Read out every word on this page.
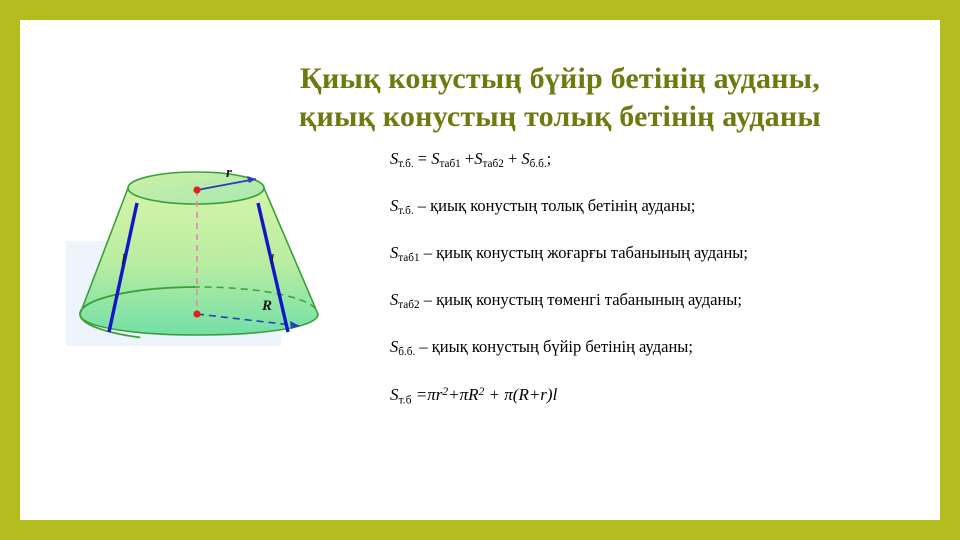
Қиық конустың бүйір бетінің ауданы,
қиық конустың толық бетінің ауданы
r
R
l	l
$S_{т.б.} = S_{таб1} +S_{таб2} + S_{б.б.}$;
$S_{т.б.}$ – қиық конустың толық бетінің ауданы;
$S_{таб1}$ – қиық конустың жоғарғы табанының ауданы;
$S_{таб2}$ – қиық конустың төменгі табанының ауданы;
$S_{б.б.}$ – қиық конустың бүйір бетінің ауданы;
$S_{т.б} =\pi r^2+\pi R^2 + \pi(R+r)l$
